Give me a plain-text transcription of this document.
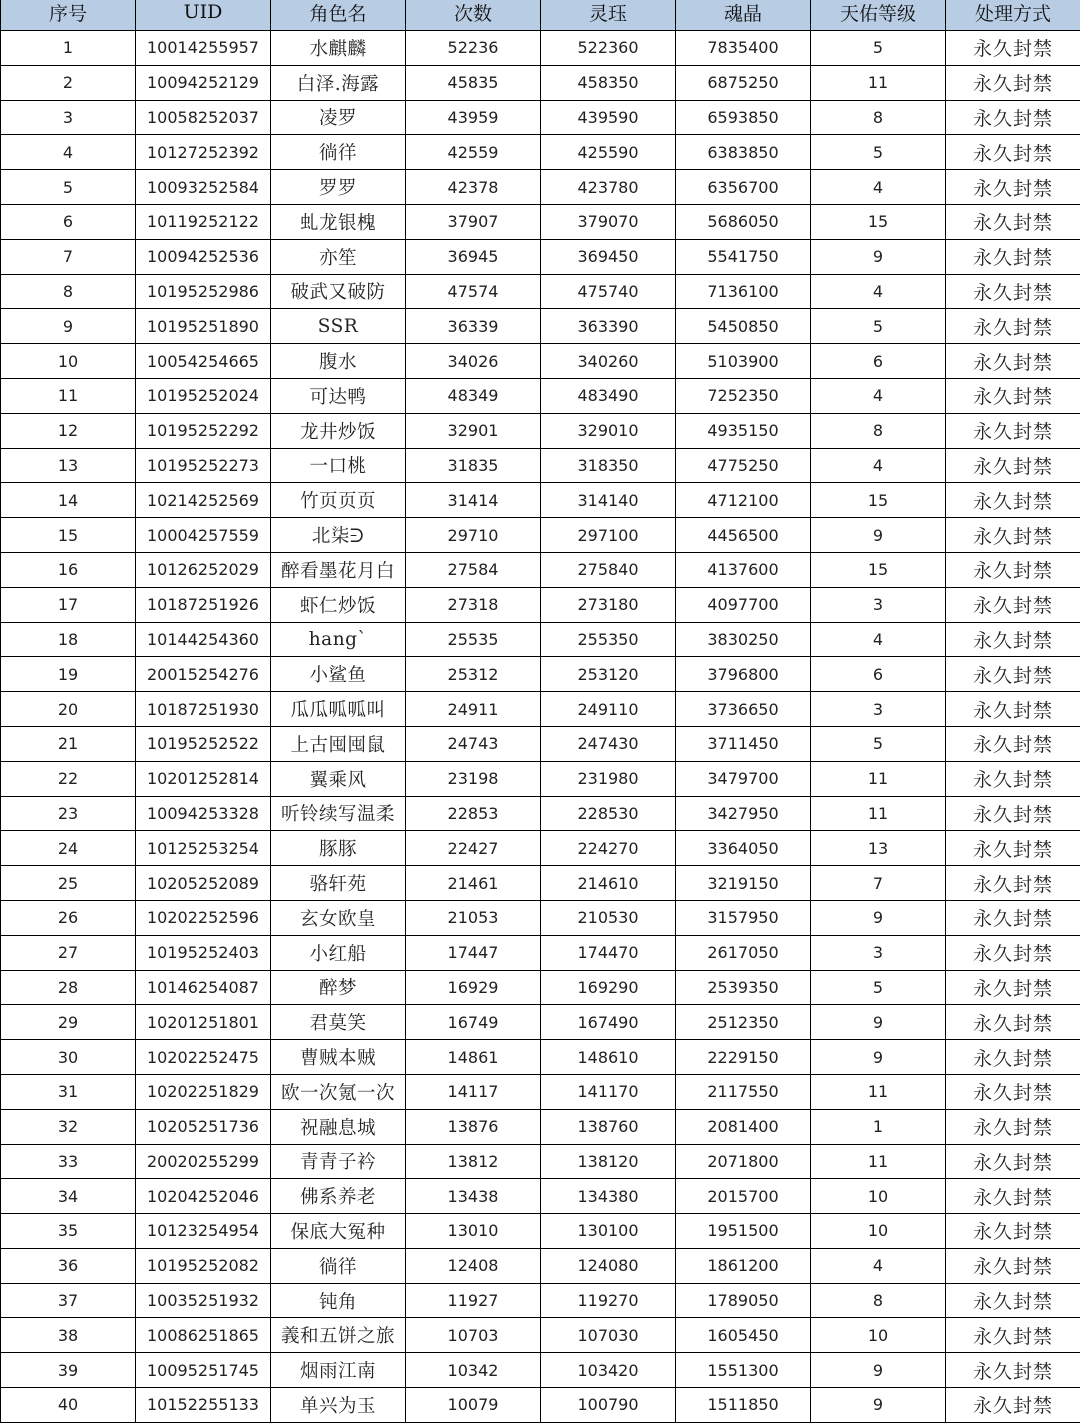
序号	UID	角色名	次数	灵珏	魂晶	天佑等级	处理方式
1	10014255957	水麒麟	52236	522360	7835400	5	永久封禁
2	10094252129	白泽.海露	45835	458350	6875250	11	永久封禁
3	10058252037	凌罗	43959	439590	6593850	8	永久封禁
4	10127252392	徜徉	42559	425590	6383850	5	永久封禁
5	10093252584	罗罗	42378	423780	6356700	4	永久封禁
6	10119252122	虬龙银槐	37907	379070	5686050	15	永久封禁
7	10094252536	亦笙	36945	369450	5541750	9	永久封禁
8	10195252986	破武又破防	47574	475740	7136100	4	永久封禁
9	10195251890	SSR	36339	363390	5450850	5	永久封禁
10	10054254665	腹水	34026	340260	5103900	6	永久封禁
11	10195252024	可达鸭	48349	483490	7252350	4	永久封禁
12	10195252292	龙井炒饭	32901	329010	4935150	8	永久封禁
13	10195252273	一口桃	31835	318350	4775250	4	永久封禁
14	10214252569	竹页页页	31414	314140	4712100	15	永久封禁
15	10004257559	北柒ᕭ	29710	297100	4456500	9	永久封禁
16	10126252029	醉看墨花月白	27584	275840	4137600	15	永久封禁
17	10187251926	虾仁炒饭	27318	273180	4097700	3	永久封禁
18	10144254360	hang`	25535	255350	3830250	4	永久封禁
19	20015254276	小鲨鱼	25312	253120	3796800	6	永久封禁
20	10187251930	瓜瓜呱呱叫	24911	249110	3736650	3	永久封禁
21	10195252522	上古囤囤鼠	24743	247430	3711450	5	永久封禁
22	10201252814	翼乘风	23198	231980	3479700	11	永久封禁
23	10094253328	听铃续写温柔	22853	228530	3427950	11	永久封禁
24	10125253254	豚豚	22427	224270	3364050	13	永久封禁
25	10205252089	骆轩苑	21461	214610	3219150	7	永久封禁
26	10202252596	玄女欧皇	21053	210530	3157950	9	永久封禁
27	10195252403	小红船	17447	174470	2617050	3	永久封禁
28	10146254087	醉梦	16929	169290	2539350	5	永久封禁
29	10201251801	君莫笑	16749	167490	2512350	9	永久封禁
30	10202252475	曹贼本贼	14861	148610	2229150	9	永久封禁
31	10202251829	欧一次氪一次	14117	141170	2117550	11	永久封禁
32	10205251736	祝融息城	13876	138760	2081400	1	永久封禁
33	20020255299	青青子衿	13812	138120	2071800	11	永久封禁
34	10204252046	佛系养老	13438	134380	2015700	10	永久封禁
35	10123254954	保底大冤种	13010	130100	1951500	10	永久封禁
36	10195252082	徜徉	12408	124080	1861200	4	永久封禁
37	10035251932	钝角	11927	119270	1789050	8	永久封禁
38	10086251865	義和五饼之旅	10703	107030	1605450	10	永久封禁
39	10095251745	烟雨江南	10342	103420	1551300	9	永久封禁
40	10152255133	单兴为玉	10079	100790	1511850	9	永久封禁
